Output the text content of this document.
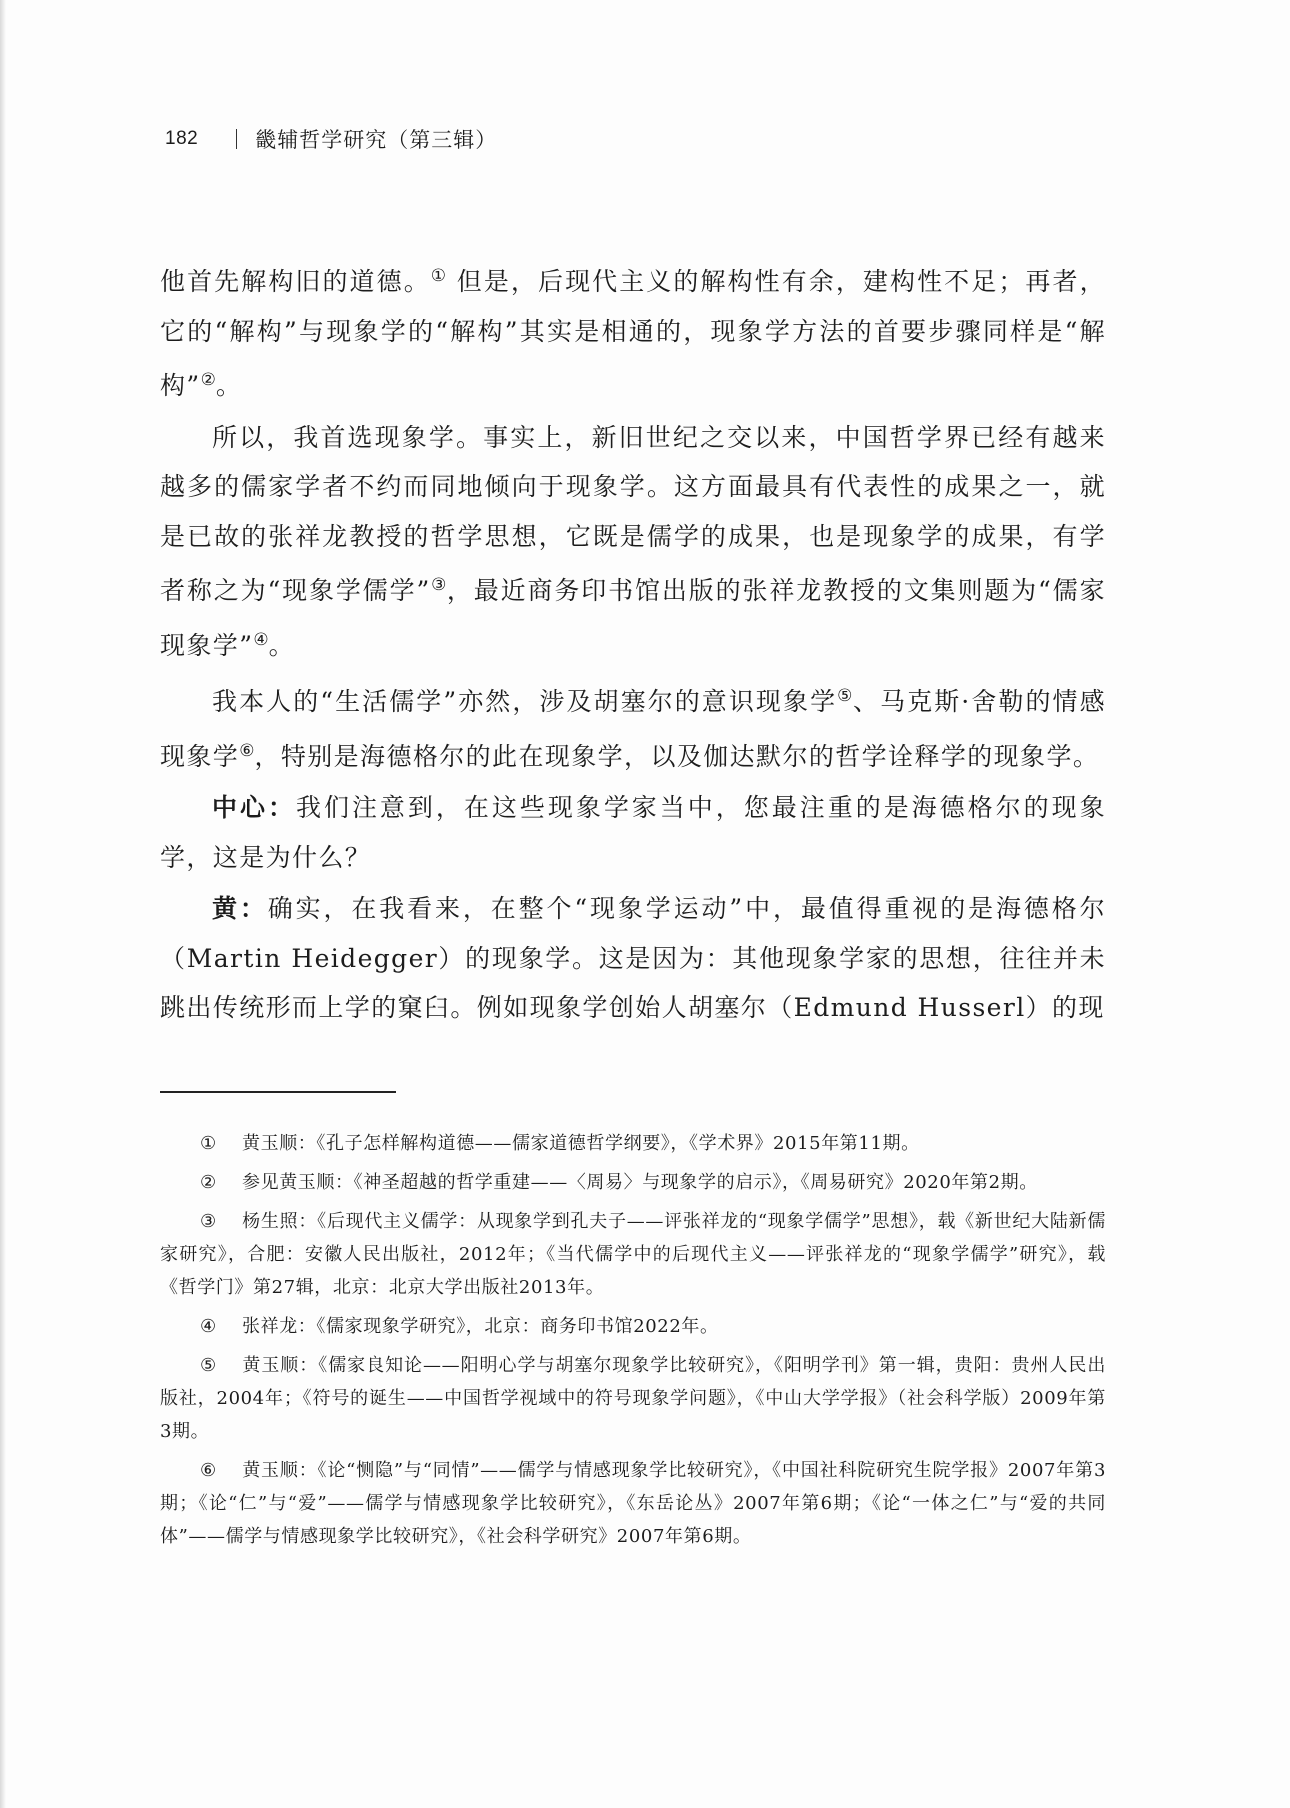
182	畿辅哲学研究（第三辑）

他首先解构旧的道德。① 但是，后现代主义的解构性有余，建构性不足；再者，它的“解构”与现象学的“解构”其实是相通的，现象学方法的首要步骤同样是“解构”②。

所以，我首选现象学。事实上，新旧世纪之交以来，中国哲学界已经有越来越多的儒家学者不约而同地倾向于现象学。这方面最具有代表性的成果之一，就是已故的张祥龙教授的哲学思想，它既是儒学的成果，也是现象学的成果，有学者称之为“现象学儒学”③，最近商务印书馆出版的张祥龙教授的文集则题为“儒家现象学”④。

我本人的“生活儒学”亦然，涉及胡塞尔的意识现象学⑤、马克斯·舍勒的情感现象学⑥，特别是海德格尔的此在现象学，以及伽达默尔的哲学诠释学的现象学。

中心：我们注意到，在这些现象学家当中，您最注重的是海德格尔的现象学，这是为什么？

黄：确实，在我看来，在整个“现象学运动”中，最值得重视的是海德格尔（Martin Heidegger）的现象学。这是因为：其他现象学家的思想，往往并未跳出传统形而上学的窠臼。例如现象学创始人胡塞尔（Edmund Husserl）的现

① 黄玉顺：《孔子怎样解构道德——儒家道德哲学纲要》，《学术界》2015年第11期。

② 参见黄玉顺：《神圣超越的哲学重建——〈周易〉与现象学的启示》，《周易研究》2020年第2期。

③ 杨生照：《后现代主义儒学：从现象学到孔夫子——评张祥龙的“现象学儒学”思想》，载《新世纪大陆新儒家研究》，合肥：安徽人民出版社，2012年；《当代儒学中的后现代主义——评张祥龙的“现象学儒学”研究》，载《哲学门》第27辑，北京：北京大学出版社2013年。

④ 张祥龙：《儒家现象学研究》，北京：商务印书馆2022年。

⑤ 黄玉顺：《儒家良知论——阳明心学与胡塞尔现象学比较研究》，《阳明学刊》第一辑，贵阳：贵州人民出版社，2004年；《符号的诞生——中国哲学视域中的符号现象学问题》，《中山大学学报》（社会科学版）2009年第3期。

⑥ 黄玉顺：《论“恻隐”与“同情”——儒学与情感现象学比较研究》，《中国社科院研究生院学报》2007年第3期；《论“仁”与“爱”——儒学与情感现象学比较研究》，《东岳论丛》2007年第6期；《论“一体之仁”与“爱的共同体”——儒学与情感现象学比较研究》，《社会科学研究》2007年第6期。
